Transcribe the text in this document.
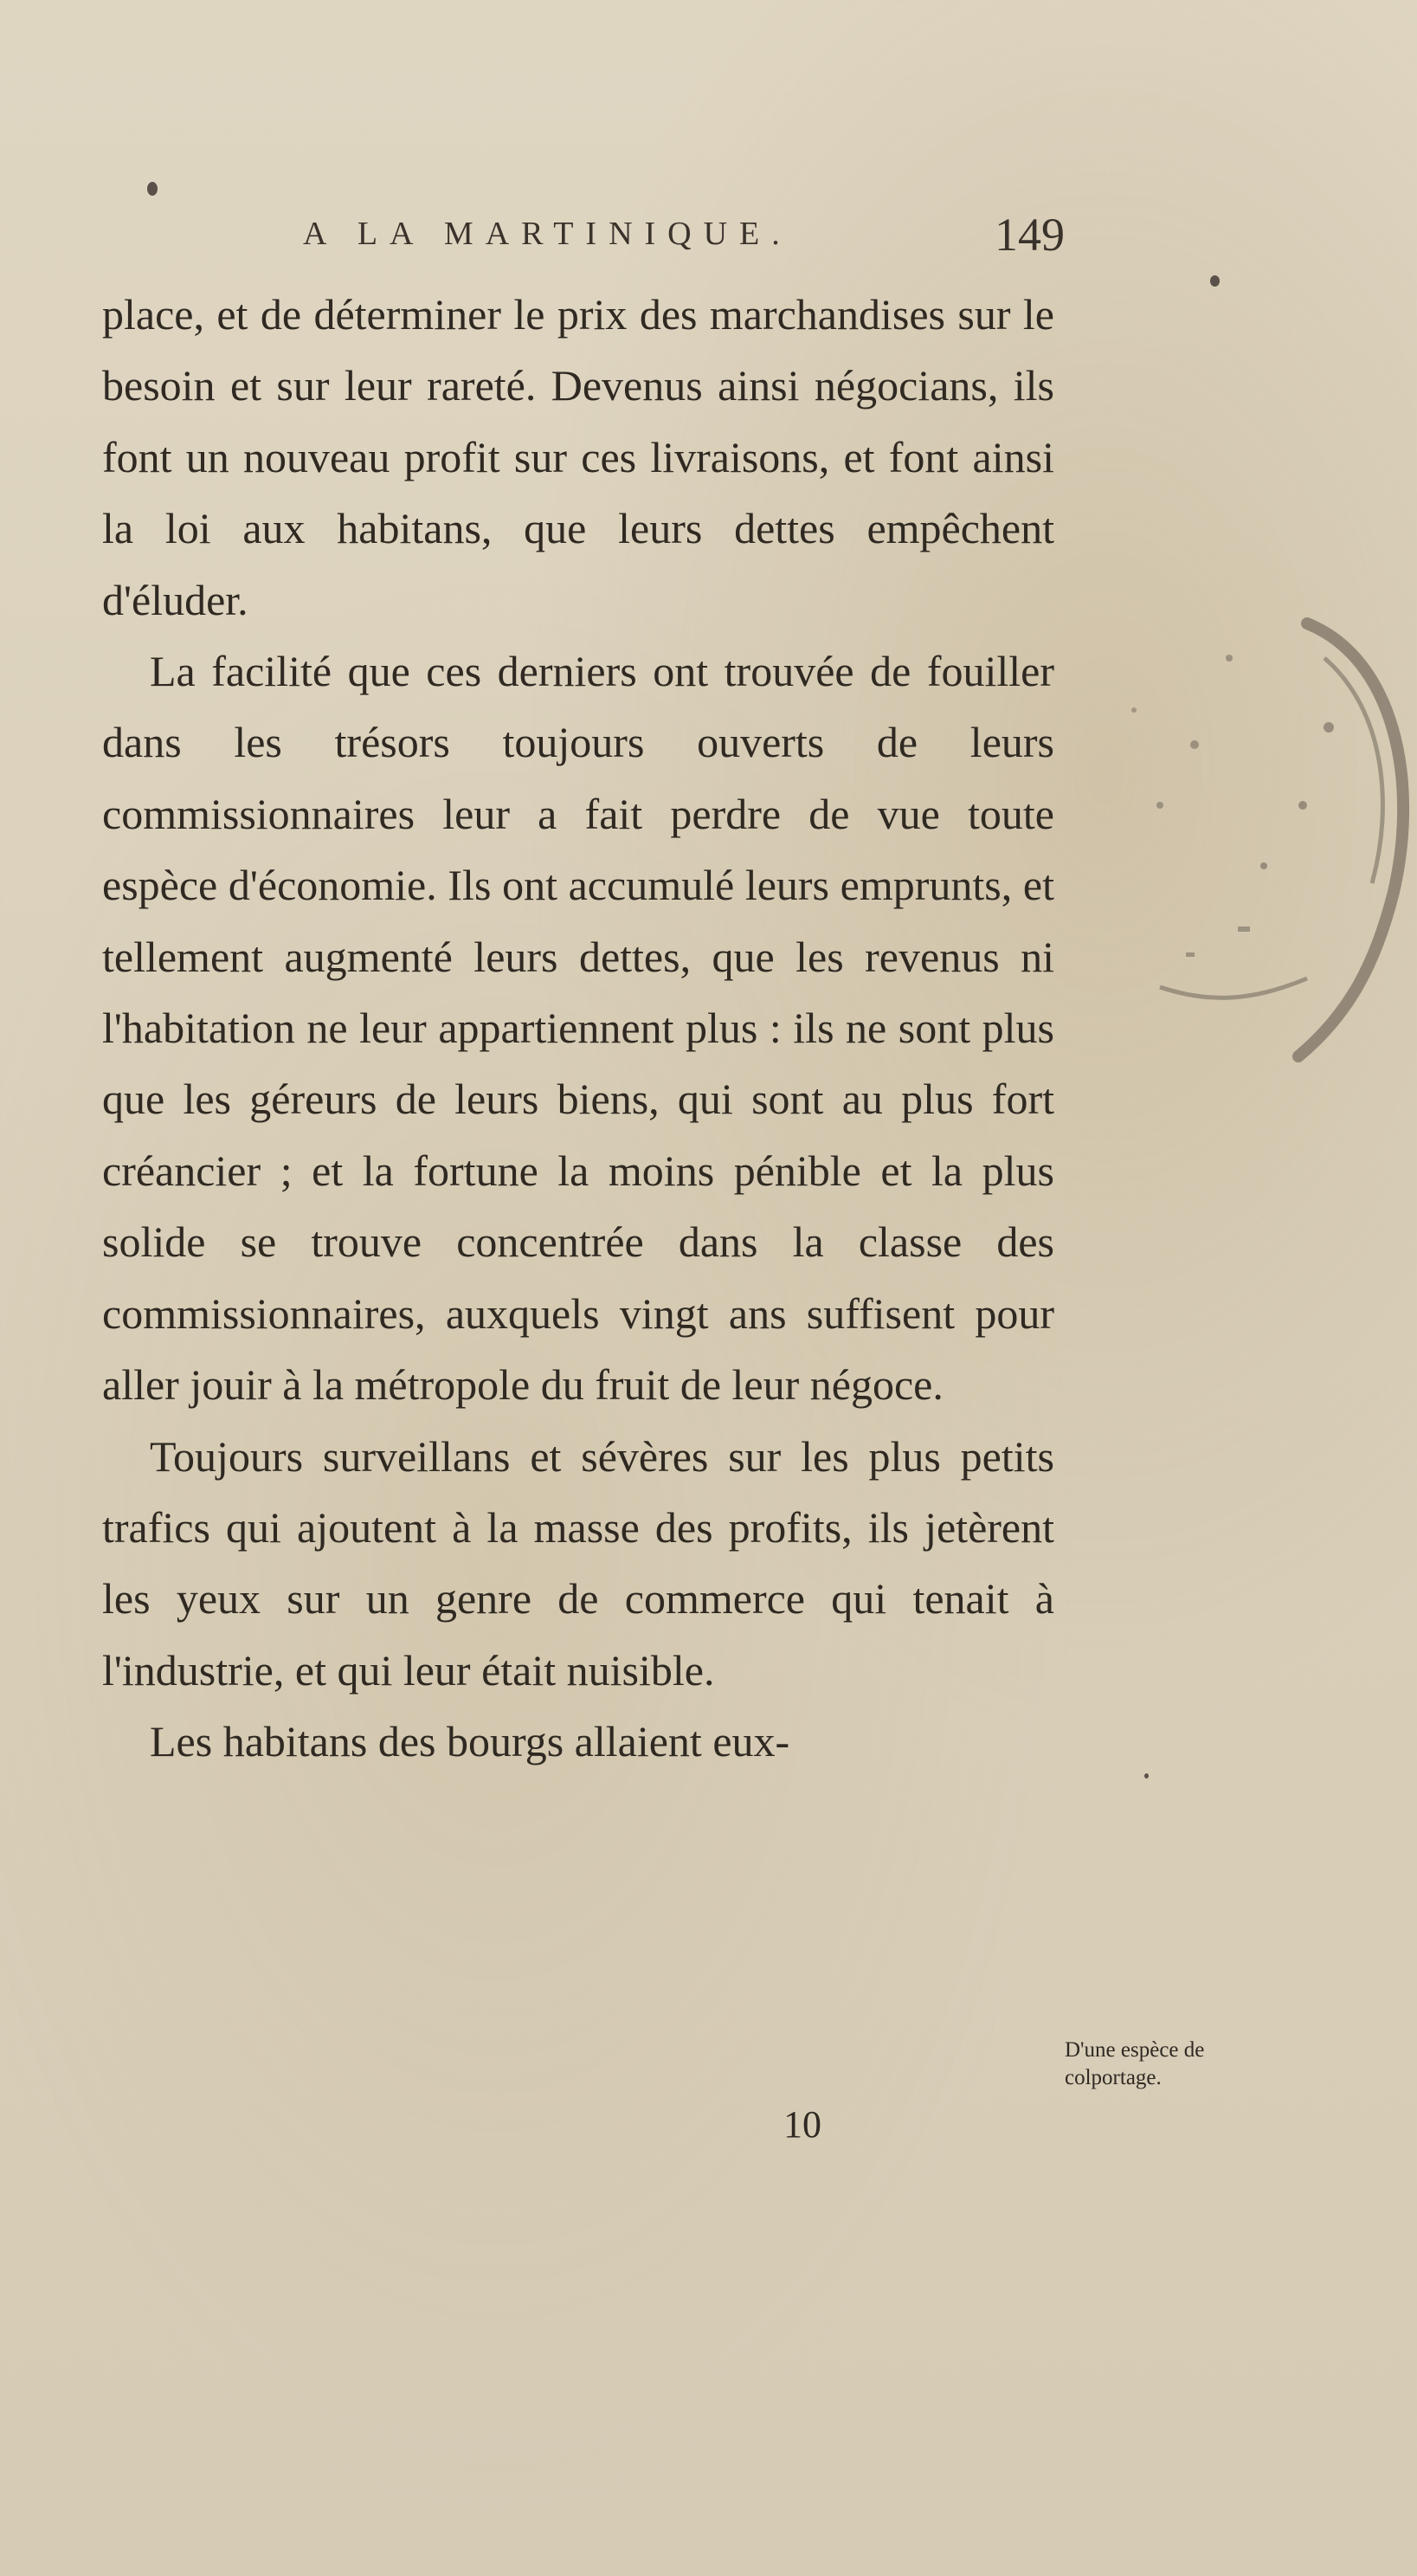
A LA MARTINIQUE.	149

place, et de déterminer le prix des marchandises sur le besoin et sur leur rareté. Devenus ainsi négocians, ils font un nouveau profit sur ces livraisons, et font ainsi la loi aux habitans, que leurs dettes empêchent d'éluder.

La facilité que ces derniers ont trouvée de fouiller dans les trésors toujours ouverts de leurs commissionnaires leur a fait perdre de vue toute espèce d'économie. Ils ont accumulé leurs emprunts, et tellement augmenté leurs dettes, que les revenus ni l'habitation ne leur appartiennent plus : ils ne sont plus que les géreurs de leurs biens, qui sont au plus fort créancier ; et la fortune la moins pénible et la plus solide se trouve concentrée dans la classe des commissionnaires, auxquels vingt ans suffisent pour aller jouir à la métropole du fruit de leur négoce.

Toujours surveillans et sévères sur les plus petits trafics qui ajoutent à la masse des profits, ils jetèrent les yeux sur un genre de commerce qui tenait à l'industrie, et qui leur était nuisible.

Les habitans des bourgs allaient eux-

D'une espèce de colportage.
10
